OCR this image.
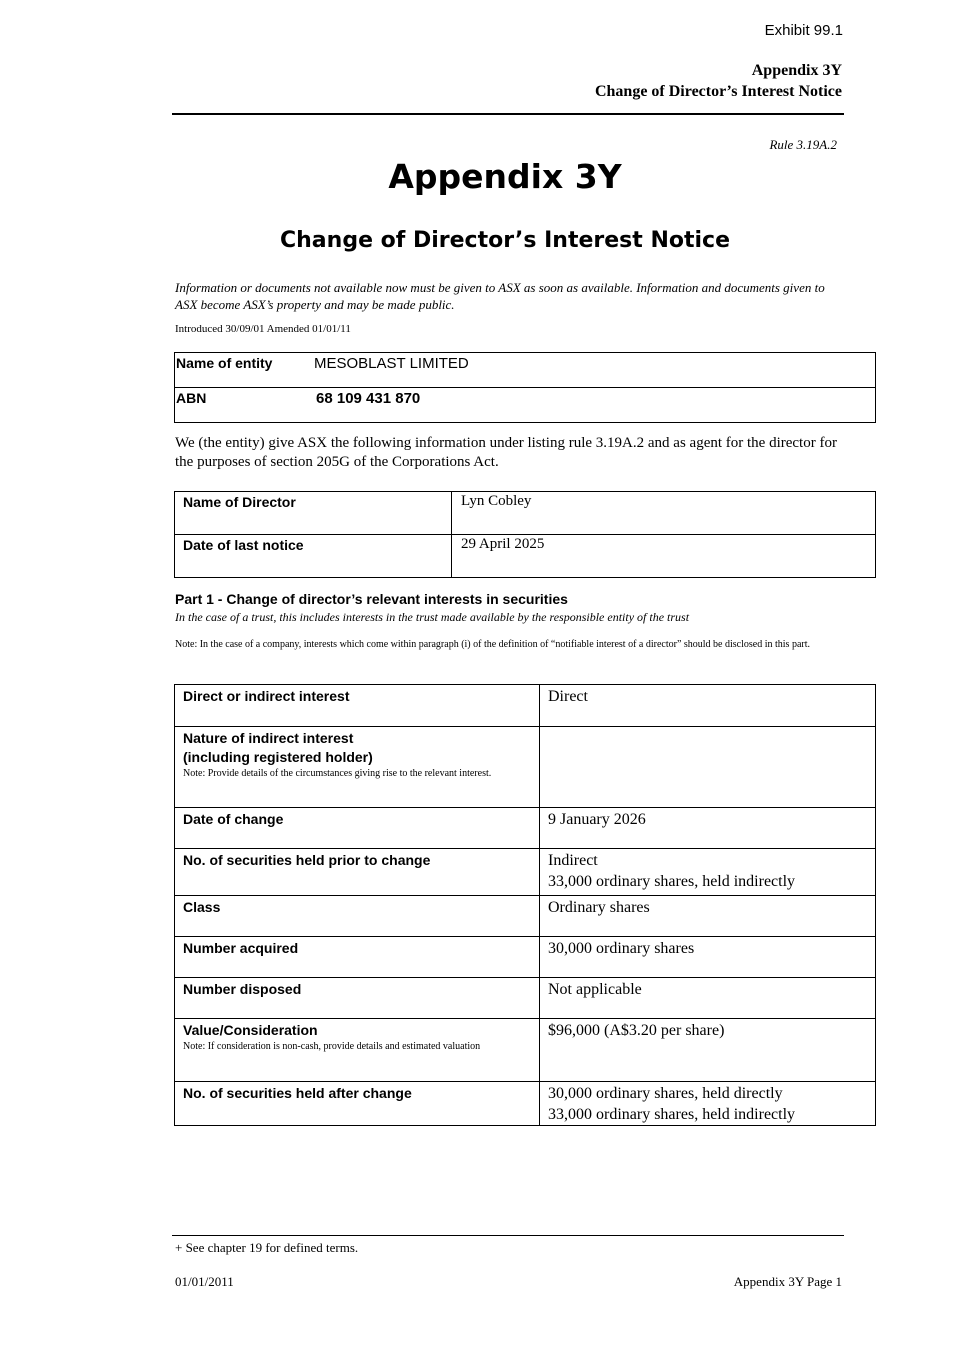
Exhibit 99.1
Appendix 3Y
Change of Director’s Interest Notice
Rule 3.19A.2
Appendix 3Y
Change of Director’s Interest Notice
Information or documents not available now must be given to ASX as soon as available. Information and documents given to ASX become ASX’s property and may be made public.
Introduced 30/09/01 Amended 01/01/11
Name of entity	MESOBLAST LIMITED
ABN	68 109 431 870
We (the entity) give ASX the following information under listing rule 3.19A.2 and as agent for the director for the purposes of section 205G of the Corporations Act.
Name of Director	Lyn Cobley
Date of last notice	29 April 2025
Part 1 - Change of director’s relevant interests in securities
In the case of a trust, this includes interests in the trust made available by the responsible entity of the trust
Note: In the case of a company, interests which come within paragraph (i) of the definition of “notifiable interest of a director” should be disclosed in this part.
Direct or indirect interest	Direct

Nature of indirect interest
(including registered holder)
Note: Provide details of the circumstances giving rise to the relevant interest.	

Date of change	9 January 2026

No. of securities held prior to change	Indirect
33,000 ordinary shares, held indirectly

Class	Ordinary shares

Number acquired	30,000 ordinary shares

Number disposed	Not applicable

Value/Consideration
Note: If consideration is non-cash, provide details and estimated valuation	$96,000 (A$3.20 per share)

No. of securities held after change	30,000 ordinary shares, held directly
33,000 ordinary shares, held indirectly
+ See chapter 19 for defined terms.
01/01/2011	Appendix 3Y Page 1
